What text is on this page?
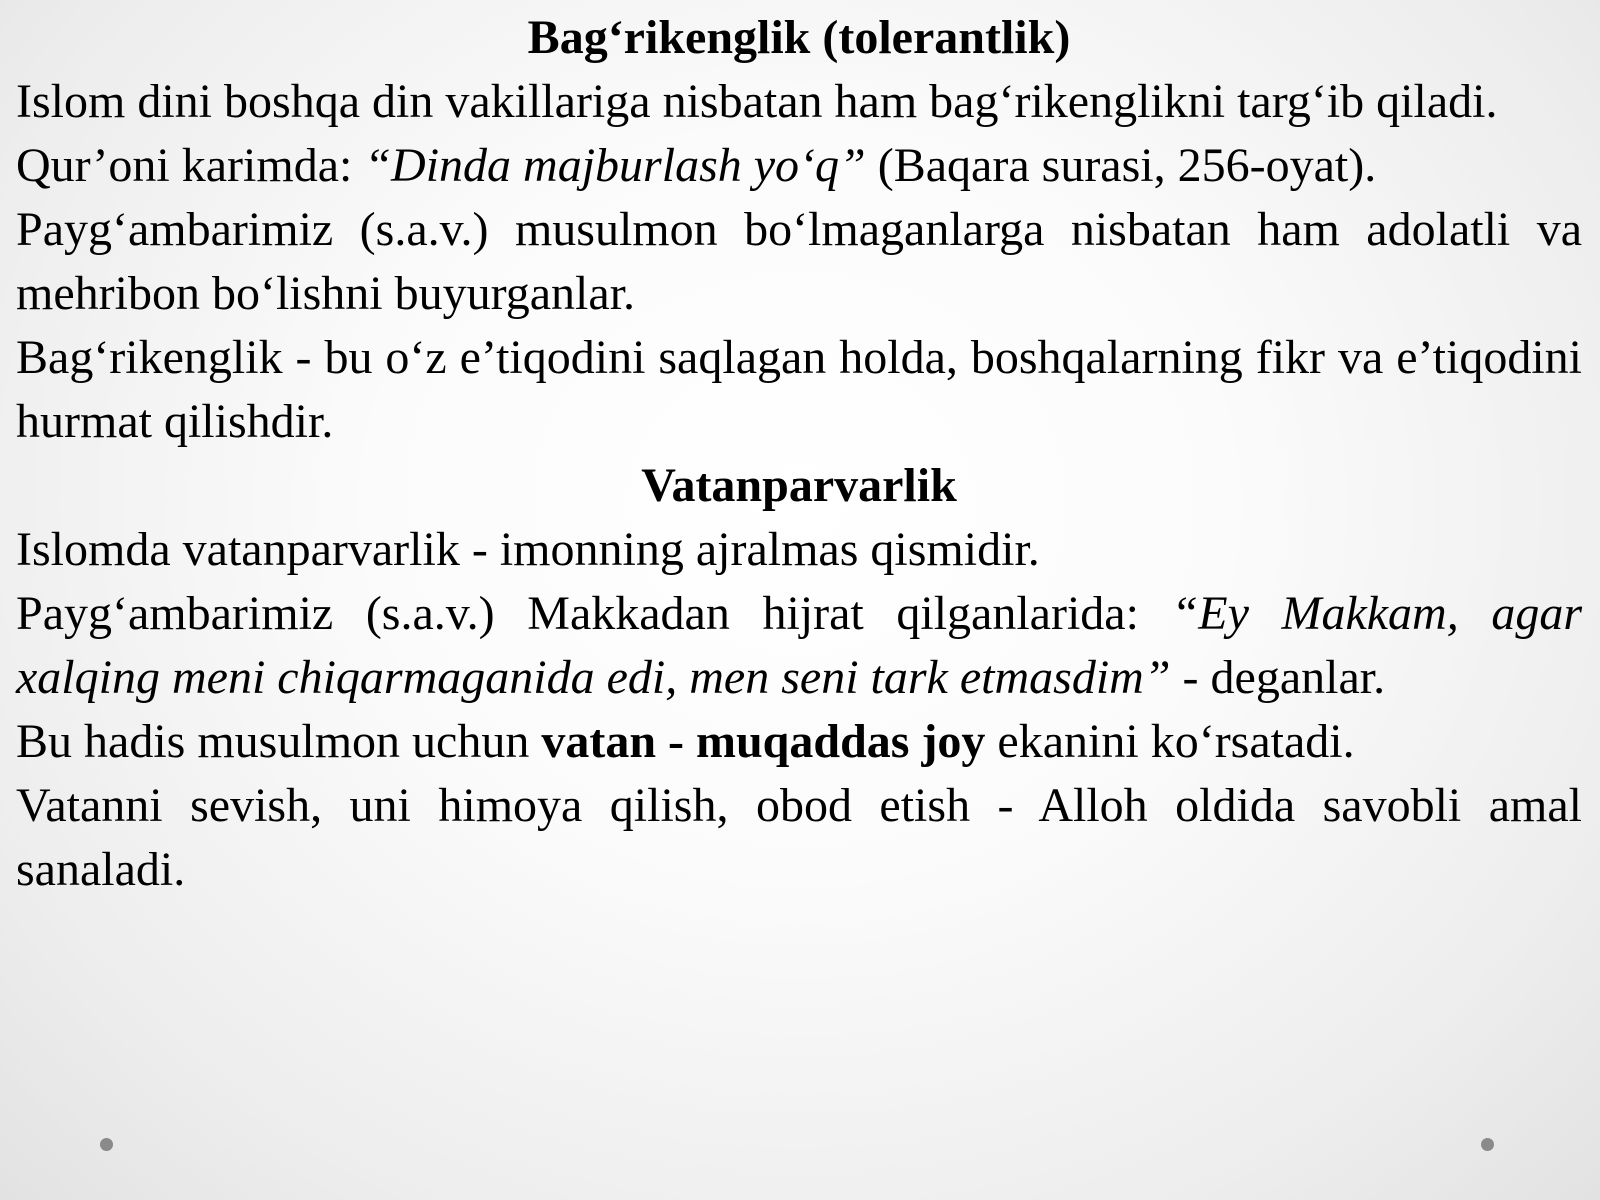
Bag‘rikenglik (tolerantlik)

Islom dini boshqa din vakillariga nisbatan ham bag‘rikenglikni targ‘ib qiladi.

Qur’oni karimda: “Dinda majburlash yo‘q” (Baqara surasi, 256-oyat).

Payg‘ambarimiz (s.a.v.) musulmon bo‘lmaganlarga nisbatan ham adolatli va mehribon bo‘lishni buyurganlar.

Bag‘rikenglik - bu o‘z e’tiqodini saqlagan holda, boshqalarning fikr va e’tiqodini hurmat qilishdir.

Vatanparvarlik

Islomda vatanparvarlik - imonning ajralmas qismidir.

Payg‘ambarimiz (s.a.v.) Makkadan hijrat qilganlarida: “Ey Makkam, agar xalqing meni chiqarmaganida edi, men seni tark etmasdim” - deganlar.

Bu hadis musulmon uchun vatan - muqaddas joy ekanini ko‘rsatadi.

Vatanni sevish, uni himoya qilish, obod etish - Alloh oldida savobli amal sanaladi.
